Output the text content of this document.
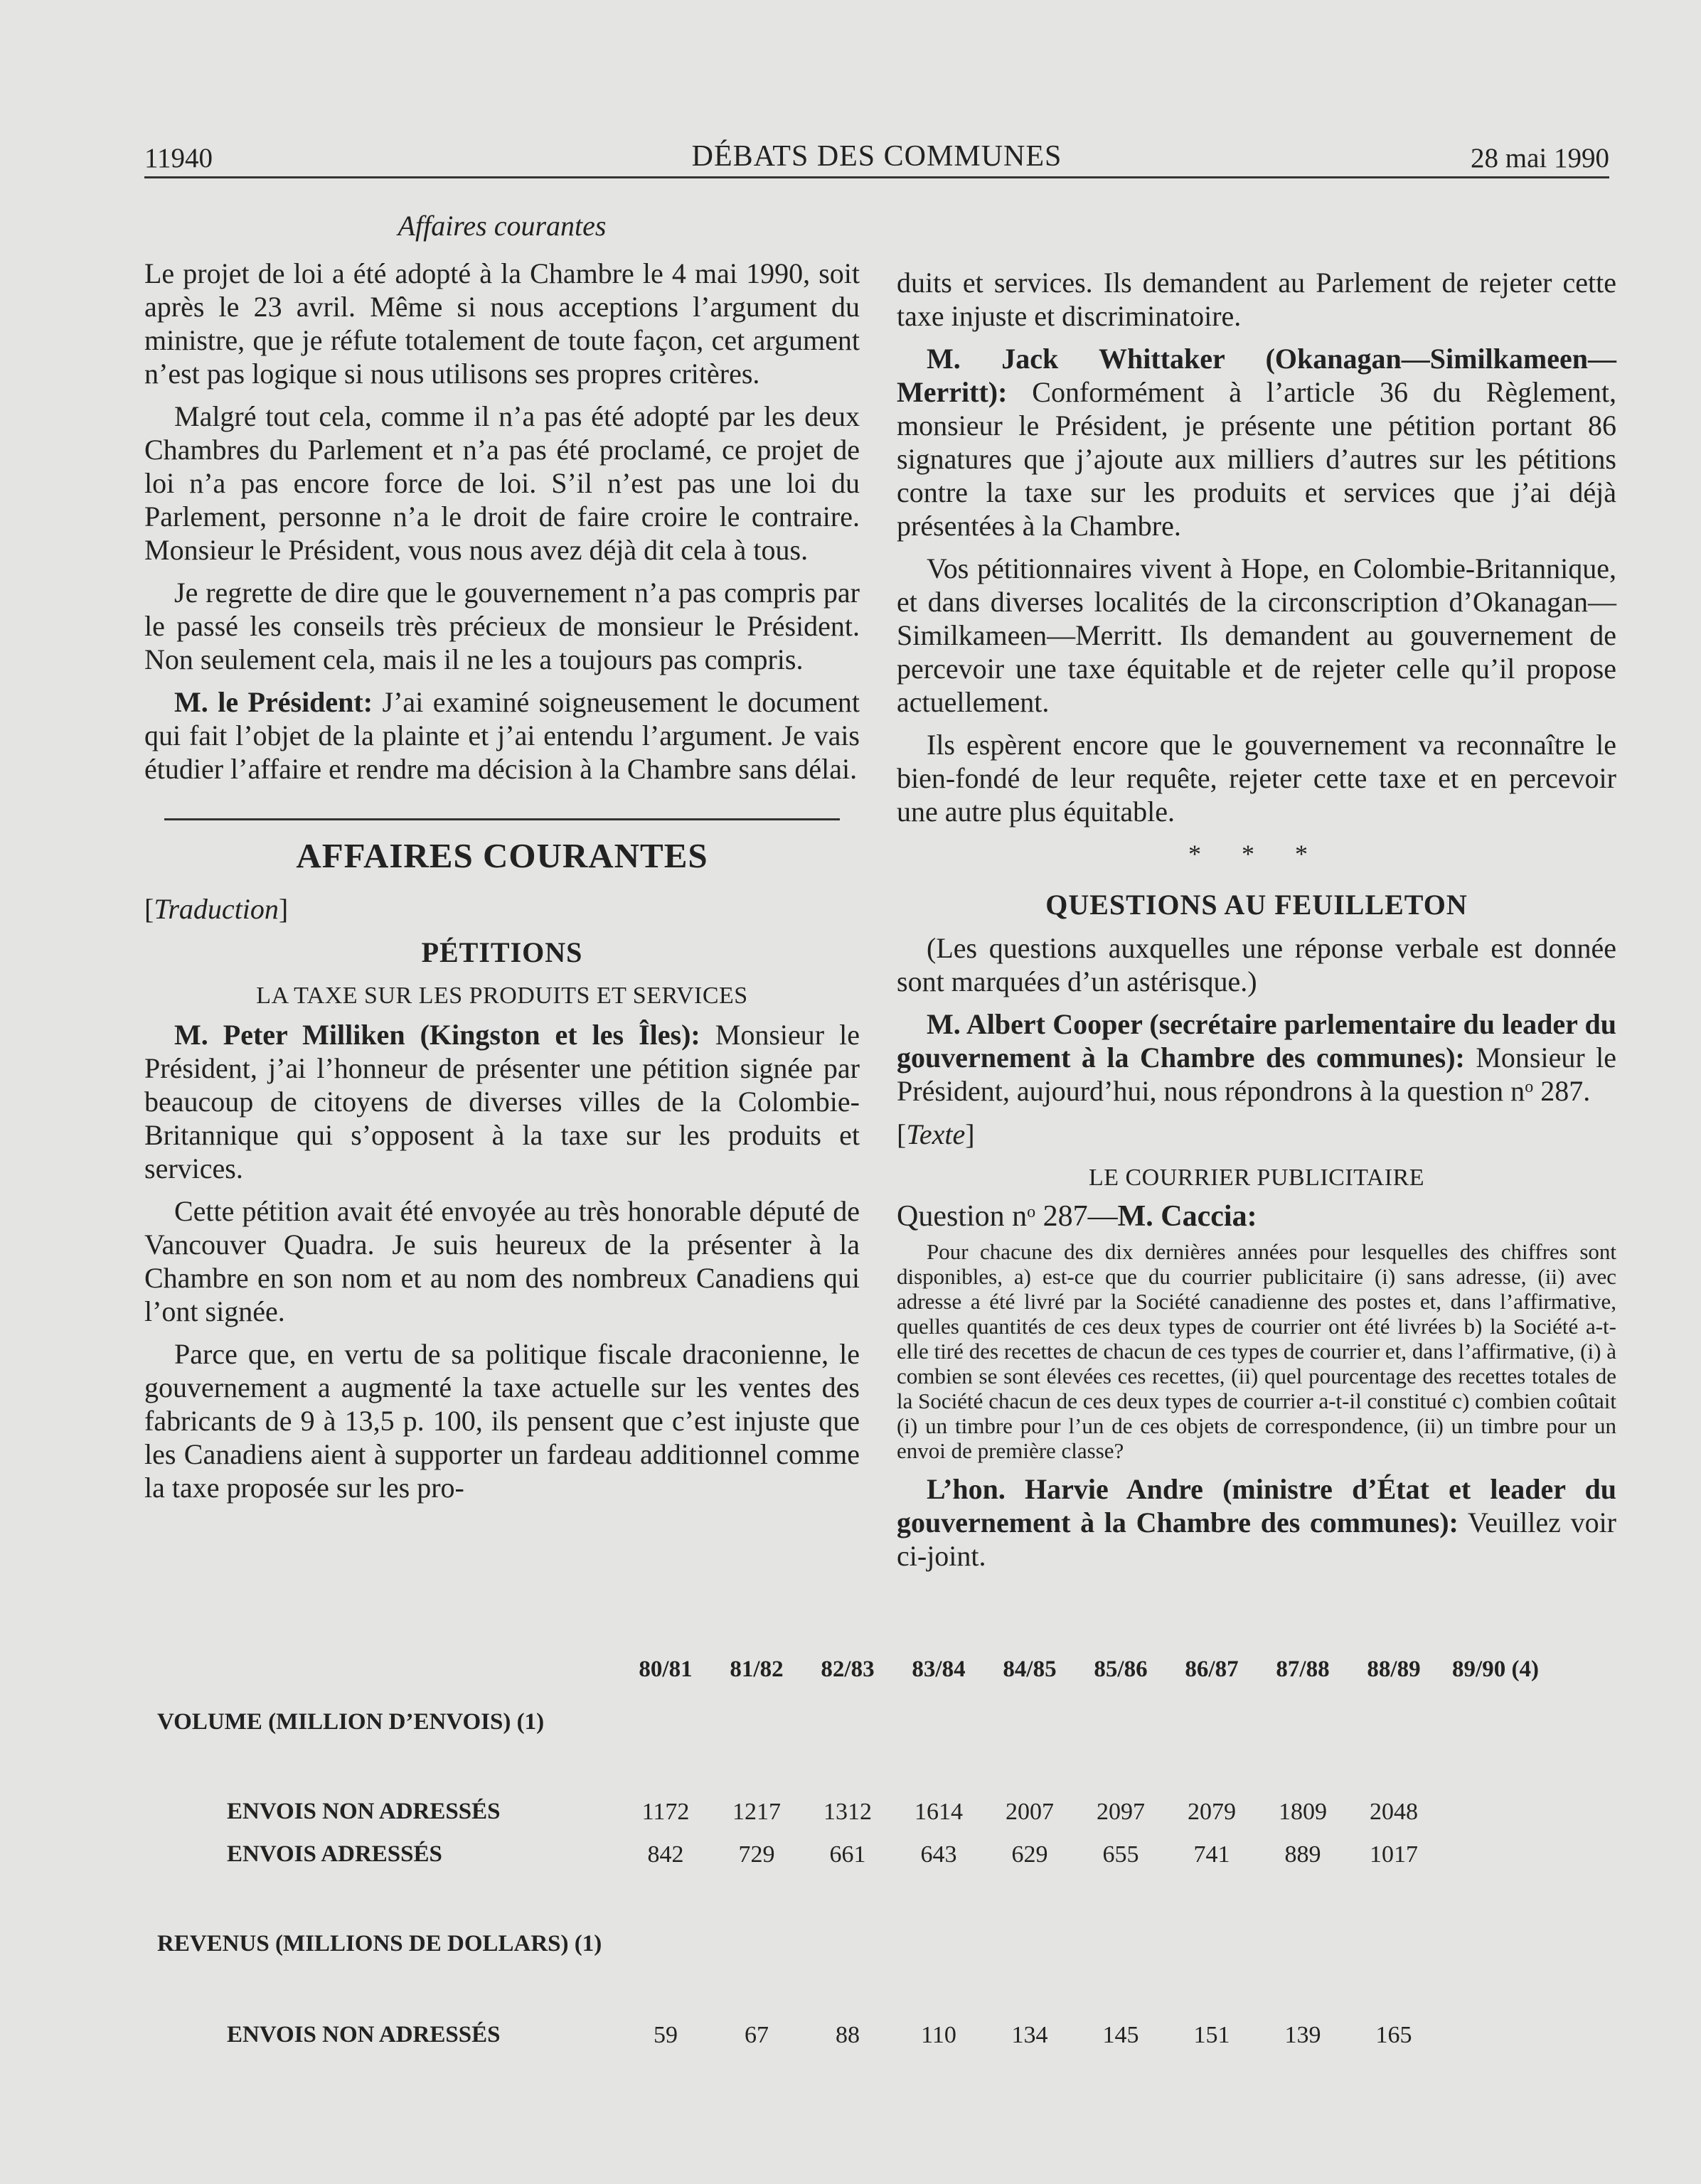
11940	DÉBATS DES COMMUNES	28 mai 1990
Affaires courantes

Le projet de loi a été adopté à la Chambre le 4 mai 1990, soit après le 23 avril. Même si nous acceptions l’argument du ministre, que je réfute totalement de toute façon, cet argument n’est pas logique si nous utilisons ses propres critères.

Malgré tout cela, comme il n’a pas été adopté par les deux Chambres du Parlement et n’a pas été proclamé, ce projet de loi n’a pas encore force de loi. S’il n’est pas une loi du Parlement, personne n’a le droit de faire croire le contraire. Monsieur le Président, vous nous avez déjà dit cela à tous.

Je regrette de dire que le gouvernement n’a pas compris par le passé les conseils très précieux de monsieur le Président. Non seulement cela, mais il ne les a toujours pas compris.

M. le Président: J’ai examiné soigneusement le document qui fait l’objet de la plainte et j’ai entendu l’argument. Je vais étudier l’affaire et rendre ma décision à la Chambre sans délai.

AFFAIRES COURANTES
[Traduction]
PÉTITIONS
LA TAXE SUR LES PRODUITS ET SERVICES

M. Peter Milliken (Kingston et les Îles): Monsieur le Président, j’ai l’honneur de présenter une pétition signée par beaucoup de citoyens de diverses villes de la Colombie-Britannique qui s’opposent à la taxe sur les produits et services.

Cette pétition avait été envoyée au très honorable député de Vancouver Quadra. Je suis heureux de la présenter à la Chambre en son nom et au nom des nombreux Canadiens qui l’ont signée.

Parce que, en vertu de sa politique fiscale draconienne, le gouvernement a augmenté la taxe actuelle sur les ventes des fabricants de 9 à 13,5 p. 100, ils pensent que c’est injuste que les Canadiens aient à supporter un fardeau additionnel comme la taxe proposée sur les pro-

duits et services. Ils demandent au Parlement de rejeter cette taxe injuste et discriminatoire.

M. Jack Whittaker (Okanagan—Similkameen—Merritt): Conformément à l’article 36 du Règlement, monsieur le Président, je présente une pétition portant 86 signatures que j’ajoute aux milliers d’autres sur les pétitions contre la taxe sur les produits et services que j’ai déjà présentées à la Chambre.

Vos pétitionnaires vivent à Hope, en Colombie-Britannique, et dans diverses localités de la circonscription d’Okanagan—Similkameen—Merritt. Ils demandent au gouvernement de percevoir une taxe équitable et de rejeter celle qu’il propose actuellement.

Ils espèrent encore que le gouvernement va reconnaître le bien-fondé de leur requête, rejeter cette taxe et en percevoir une autre plus équitable.

* * *
QUESTIONS AU FEUILLETON

(Les questions auxquelles une réponse verbale est donnée sont marquées d’un astérisque.)

M. Albert Cooper (secrétaire parlementaire du leader du gouvernement à la Chambre des communes): Monsieur le Président, aujourd’hui, nous répondrons à la question $n^o$ 287.

[Texte]
LE COURRIER PUBLICITAIRE
Question $n^o$ 287—M. Caccia:

Pour chacune des dix dernières années pour lesquelles des chiffres sont disponibles, a) est-ce que du courrier publicitaire (i) sans adresse, (ii) avec adresse a été livré par la Société canadienne des postes et, dans l’affirmative, quelles quantités de ces deux types de courrier ont été livrées b) la Société a-t-elle tiré des recettes de chacun de ces types de courrier et, dans l’affirmative, (i) à combien se sont élevées ces recettes, (ii) quel pourcentage des recettes totales de la Société chacun de ces deux types de courrier a-t-il constitué c) combien coûtait (i) un timbre pour l’un de ces objets de correspondence, (ii) un timbre pour un envoi de première classe?

L’hon. Harvie Andre (ministre d’État et leader du gouvernement à la Chambre des communes): Veuillez voir ci-joint.

80/81	81/82	82/83	83/84	84/85	85/86	86/87	87/88	88/89	89/90 (4)
VOLUME (MILLION D’ENVOIS) (1)
ENVOIS NON ADRESSÉS	1172	1217	1312	1614	2007	2097	2079	1809	2048
ENVOIS ADRESSÉS	842	729	661	643	629	655	741	889	1017
REVENUS (MILLIONS DE DOLLARS) (1)
ENVOIS NON ADRESSÉS	59	67	88	110	134	145	151	139	165
